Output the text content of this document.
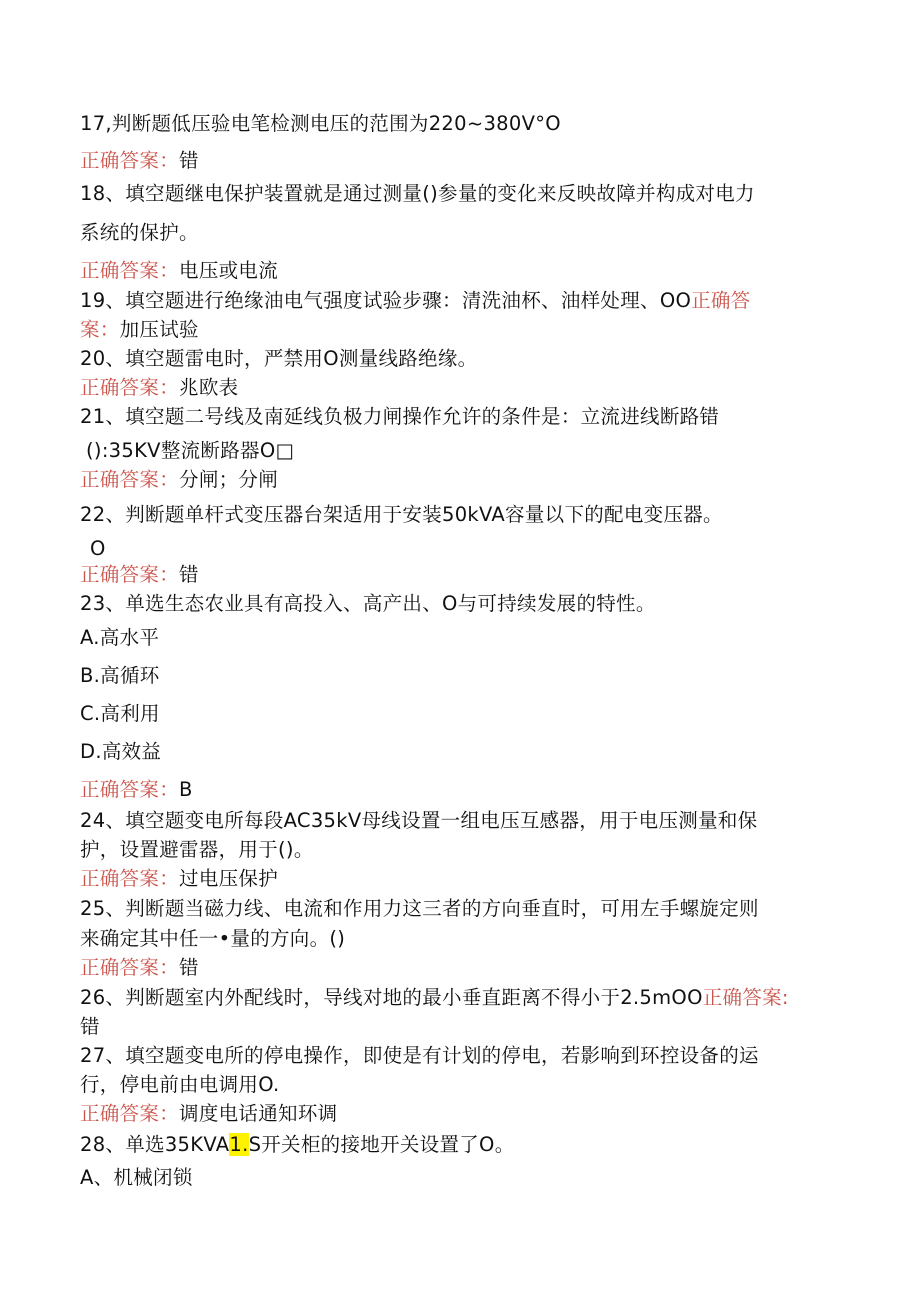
17,判断题低压验电笔检测电压的范围为220~380V°O
正确答案：错
18、填空题继电保护装置就是通过测量()参量的变化来反映故障并构成对电力
系统的保护。
正确答案：电压或电流
19、填空题进行绝缘油电气强度试验步骤：清洗油杯、油样处理、OO正确答
案：加压试验
20、填空题雷电时，严禁用O测量线路绝缘。
正确答案：兆欧表
21、填空题二号线及南延线负极力闸操作允许的条件是：立流进线断路错
():35KV整流断路器O□
正确答案：分闸；分闸
22、判断题单杆式变压器台架适用于安装50kVA容量以下的配电变压器。
O
正确答案：错
23、单选生态农业具有高投入、高产出、O与可持续发展的特性。
A.高水平
B.高循环
C.高利用
D.高效益
正确答案：B
24、填空题变电所每段AC35kV母线设置一组电压互感器，用于电压测量和保
护，设置避雷器，用于()。
正确答案：过电压保护
25、判断题当磁力线、电流和作用力这三者的方向垂直时，可用左手螺旋定则
来确定其中任一•量的方向。()
正确答案：错
26、判断题室内外配线时，导线对地的最小垂直距离不得小于2.5mOO正确答案:
错
27、填空题变电所的停电操作，即使是有计划的停电，若影响到环控设备的运
行，停电前由电调用O.
正确答案：调度电话通知环调
28、单选35KVA1.S开关柜的接地开关设置了O。
A、机械闭锁
